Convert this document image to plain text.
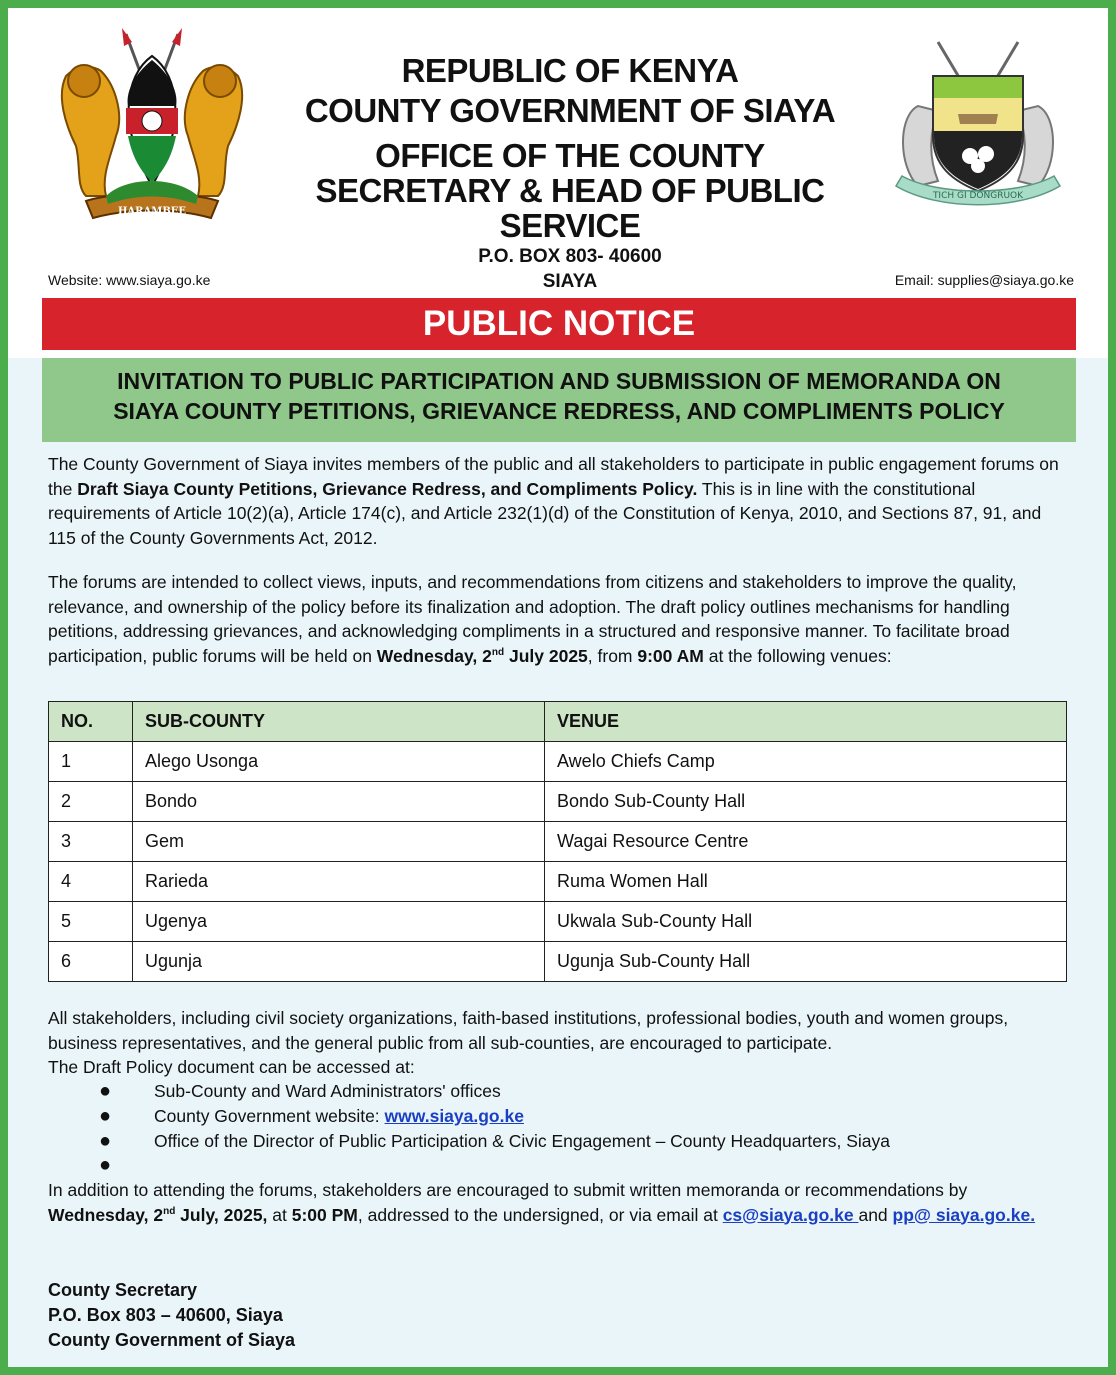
HARAMBEE
REPUBLIC OF KENYA
COUNTY GOVERNMENT OF SIAYA
OFFICE OF THE COUNTY
SECRETARY & HEAD OF PUBLIC
SERVICE
P.O. BOX 803- 40600
SIAYA
Website: www.siaya.go.ke	Email: supplies@siaya.go.ke
TICH GI DONGRUOK
PUBLIC NOTICE
INVITATION TO PUBLIC PARTICIPATION AND SUBMISSION OF MEMORANDA ON
SIAYA COUNTY PETITIONS, GRIEVANCE REDRESS, AND COMPLIMENTS POLICY
The County Government of Siaya invites members of the public and all stakeholders to participate in public engagement forums on the Draft Siaya County Petitions, Grievance Redress, and Compliments Policy. This is in line with the constitutional requirements of Article 10(2)(a), Article 174(c), and Article 232(1)(d) of the Constitution of Kenya, 2010, and Sections 87, 91, and 115 of the County Governments Act, 2012.
The forums are intended to collect views, inputs, and recommendations from citizens and stakeholders to improve the quality, relevance, and ownership of the policy before its finalization and adoption. The draft policy outlines mechanisms for handling petitions, addressing grievances, and acknowledging compliments in a structured and responsive manner. To facilitate broad participation, public forums will be held on Wednesday, 2nd July 2025, from 9:00 AM at the following venues:
NO.	SUB-COUNTY	VENUE
1	Alego Usonga	Awelo Chiefs Camp
2	Bondo	Bondo Sub-County Hall
3	Gem	Wagai Resource Centre
4	Rarieda	Ruma Women Hall
5	Ugenya	Ukwala Sub-County Hall
6	Ugunja	Ugunja Sub-County Hall
All stakeholders, including civil society organizations, faith-based institutions, professional bodies, youth and women groups, business representatives, and the general public from all sub-counties, are encouraged to participate.
The Draft Policy document can be accessed at:
● Sub-County and Ward Administrators' offices
● County Government website: www.siaya.go.ke
● Office of the Director of Public Participation & Civic Engagement – County Headquarters, Siaya
●
In addition to attending the forums, stakeholders are encouraged to submit written memoranda or recommendations by Wednesday, 2nd July, 2025, at 5:00 PM, addressed to the undersigned, or via email at cs@siaya.go.ke and pp@ siaya.go.ke.
County Secretary
P.O. Box 803 – 40600, Siaya
County Government of Siaya
